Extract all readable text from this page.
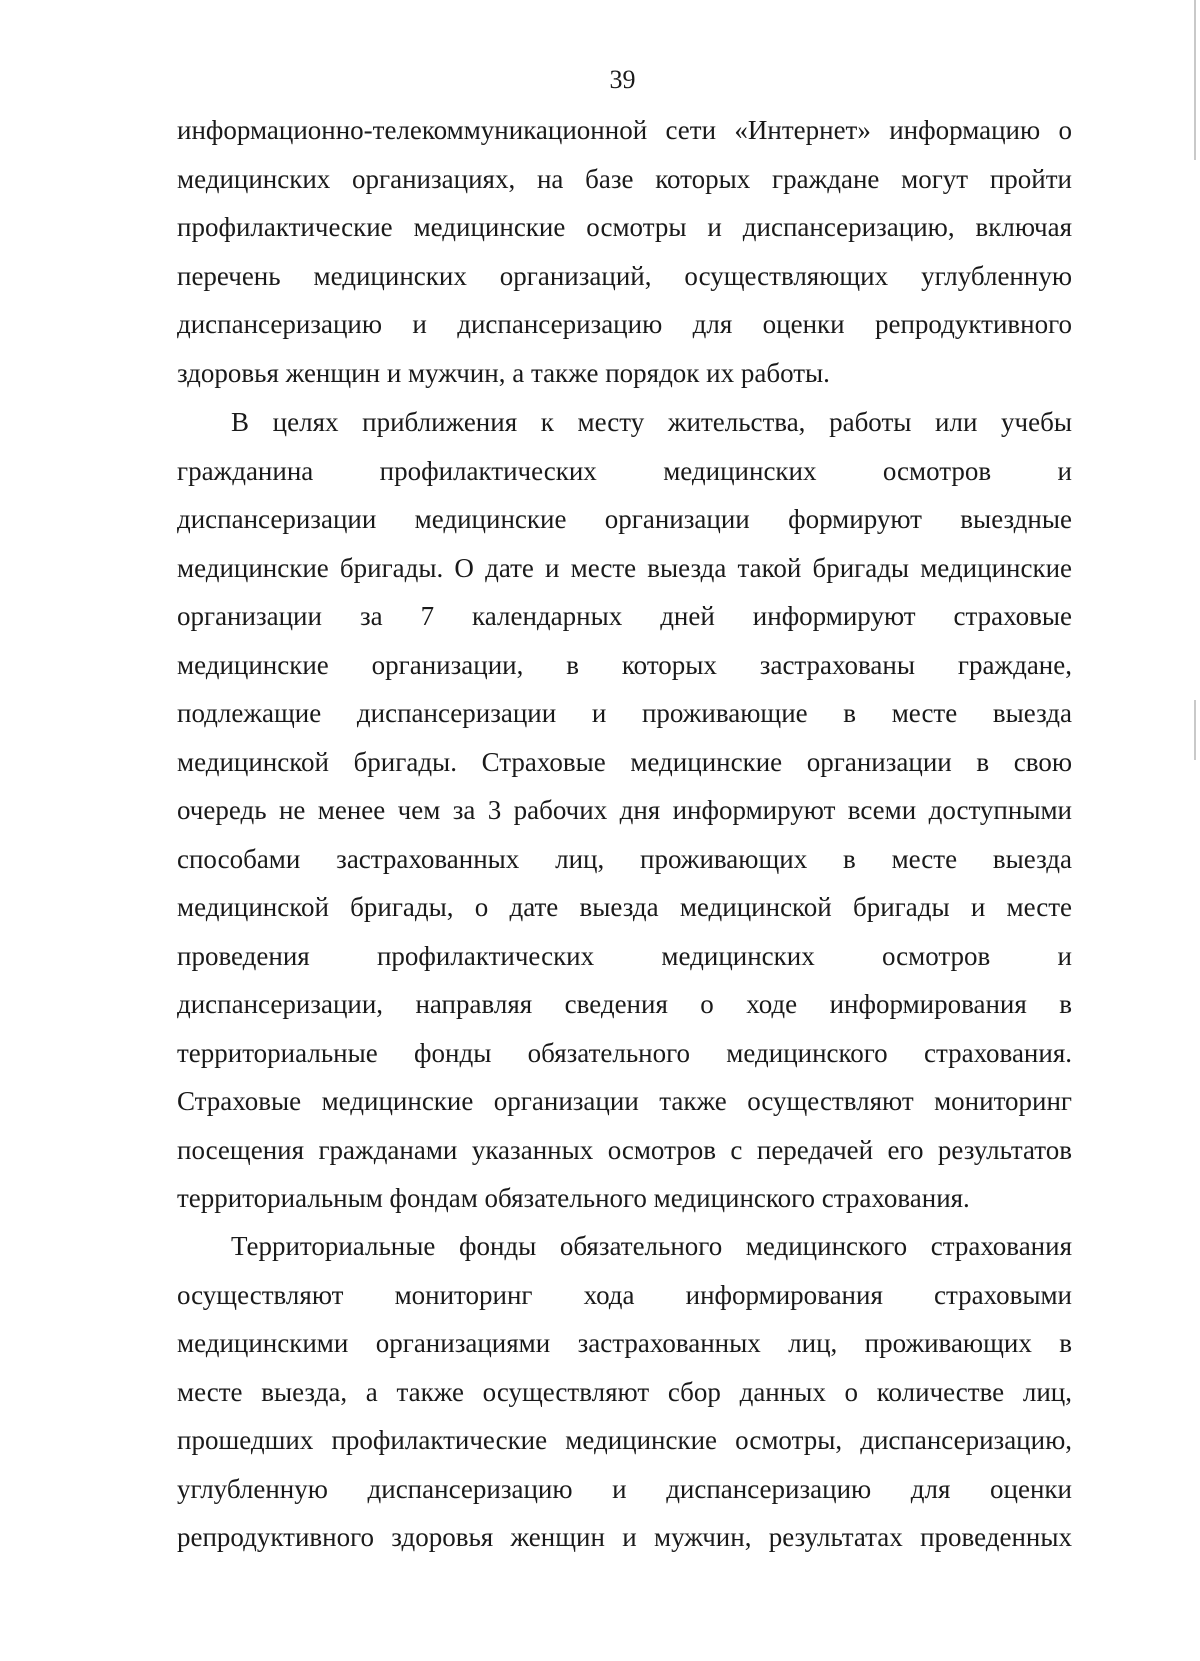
39
информационно-телекоммуникационной сети «Интернет» информацию о
медицинских организациях, на базе которых граждане могут пройти
профилактические медицинские осмотры и диспансеризацию, включая
перечень медицинских организаций, осуществляющих углубленную
диспансеризацию и диспансеризацию для оценки репродуктивного
здоровья женщин и мужчин, а также порядок их работы.
В целях приближения к месту жительства, работы или учебы
гражданина профилактических медицинских осмотров и
диспансеризации медицинские организации формируют выездные
медицинские бригады. О дате и месте выезда такой бригады медицинские
организации за 7 календарных дней информируют страховые
медицинские организации, в которых застрахованы граждане,
подлежащие диспансеризации и проживающие в месте выезда
медицинской бригады. Страховые медицинские организации в свою
очередь не менее чем за 3 рабочих дня информируют всеми доступными
способами застрахованных лиц, проживающих в месте выезда
медицинской бригады, о дате выезда медицинской бригады и месте
проведения профилактических медицинских осмотров и
диспансеризации, направляя сведения о ходе информирования в
территориальные фонды обязательного медицинского страхования.
Страховые медицинские организации также осуществляют мониторинг
посещения гражданами указанных осмотров с передачей его результатов
территориальным фондам обязательного медицинского страхования.
Территориальные фонды обязательного медицинского страхования
осуществляют мониторинг хода информирования страховыми
медицинскими организациями застрахованных лиц, проживающих в
месте выезда, а также осуществляют сбор данных о количестве лиц,
прошедших профилактические медицинские осмотры, диспансеризацию,
углубленную диспансеризацию и диспансеризацию для оценки
репродуктивного здоровья женщин и мужчин, результатах проведенных
